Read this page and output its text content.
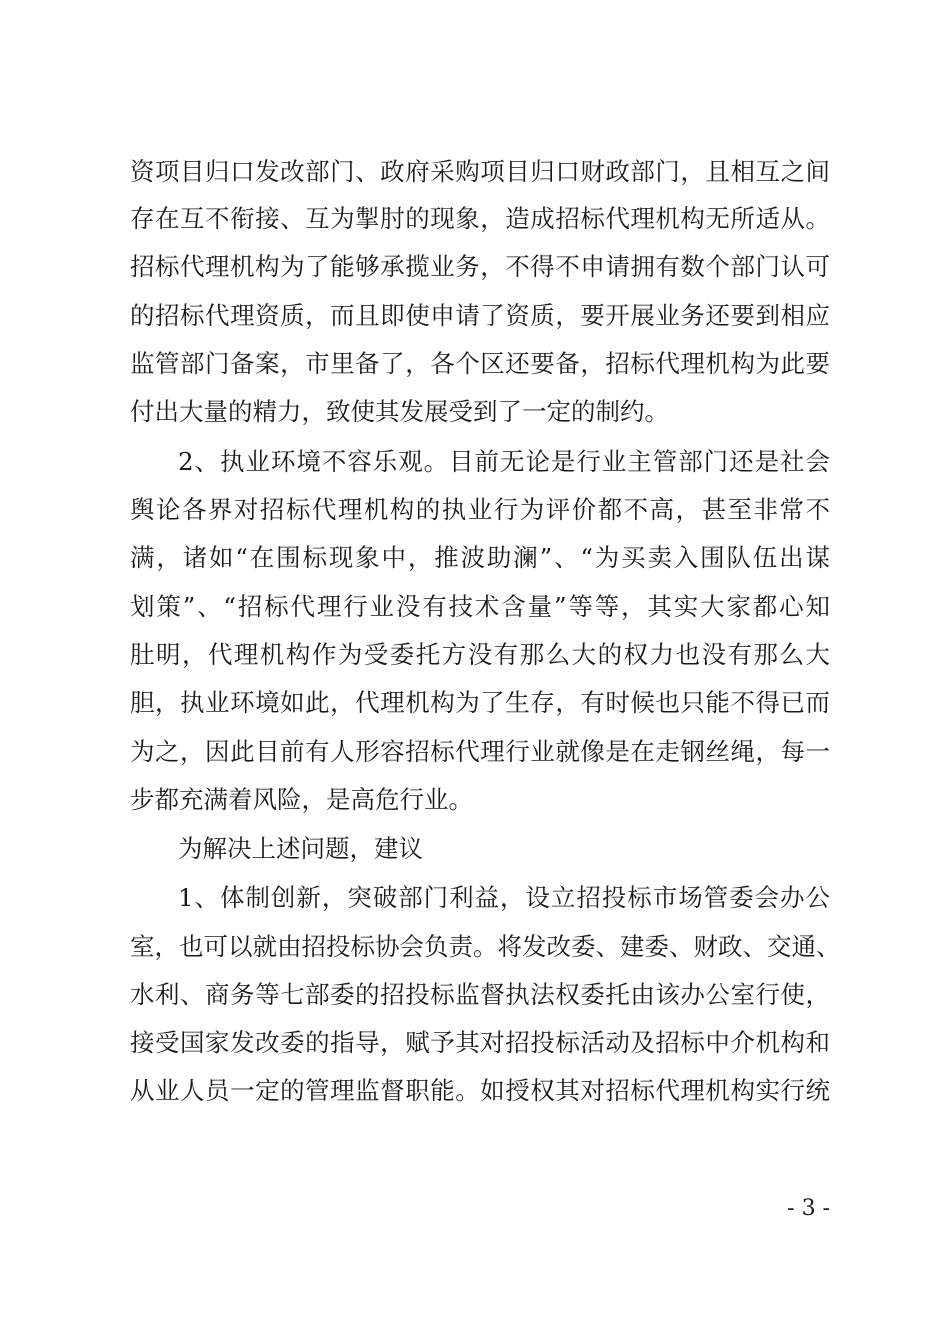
资项目归口发改部门、政府采购项目归口财政部门，且相互之间
存在互不衔接、互为掣肘的现象，造成招标代理机构无所适从。
招标代理机构为了能够承揽业务，不得不申请拥有数个部门认可
的招标代理资质，而且即使申请了资质，要开展业务还要到相应
监管部门备案，市里备了，各个区还要备，招标代理机构为此要
付出大量的精力，致使其发展受到了一定的制约。
2、执业环境不容乐观。目前无论是行业主管部门还是社会
舆论各界对招标代理机构的执业行为评价都不高，甚至非常不
满，诸如“在围标现象中，推波助澜”、“为买卖入围队伍出谋
划策”、“招标代理行业没有技术含量”等等，其实大家都心知
肚明，代理机构作为受委托方没有那么大的权力也没有那么大
胆，执业环境如此，代理机构为了生存，有时候也只能不得已而
为之，因此目前有人形容招标代理行业就像是在走钢丝绳，每一
步都充满着风险，是高危行业。
为解决上述问题，建议
1、体制创新，突破部门利益，设立招投标市场管委会办公
室，也可以就由招投标协会负责。将发改委、建委、财政、交通、
水利、商务等七部委的招投标监督执法权委托由该办公室行使，
接受国家发改委的指导，赋予其对招投标活动及招标中介机构和
从业人员一定的管理监督职能。如授权其对招标代理机构实行统
- 3 -
